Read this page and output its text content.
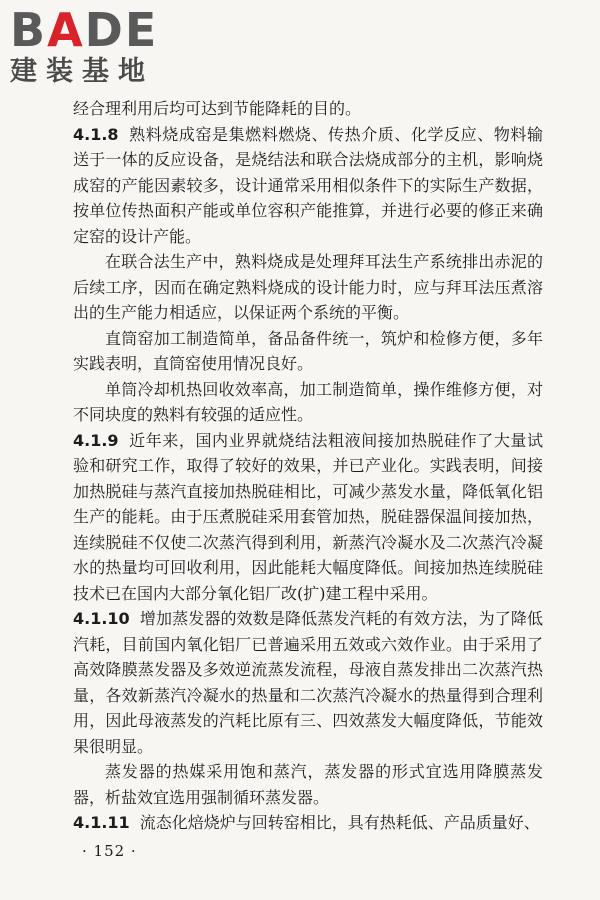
BADE
建装基地

经合理利用后均可达到节能降耗的目的。

4.1.8 熟料烧成窑是集燃料燃烧、传热介质、化学反应、物料输送于一体的反应设备，是烧结法和联合法烧成部分的主机，影响烧成窑的产能因素较多，设计通常采用相似条件下的实际生产数据，按单位传热面积产能或单位容积产能推算，并进行必要的修正来确定窑的设计产能。

在联合法生产中，熟料烧成是处理拜耳法生产系统排出赤泥的后续工序，因而在确定熟料烧成的设计能力时，应与拜耳法压煮溶出的生产能力相适应，以保证两个系统的平衡。

直筒窑加工制造简单，备品备件统一，筑炉和检修方便，多年实践表明，直筒窑使用情况良好。

单筒冷却机热回收效率高，加工制造简单，操作维修方便，对不同块度的熟料有较强的适应性。

4.1.9 近年来，国内业界就烧结法粗液间接加热脱硅作了大量试验和研究工作，取得了较好的效果，并已产业化。实践表明，间接加热脱硅与蒸汽直接加热脱硅相比，可减少蒸发水量，降低氧化铝生产的能耗。由于压煮脱硅采用套管加热，脱硅器保温间接加热，连续脱硅不仅使二次蒸汽得到利用，新蒸汽冷凝水及二次蒸汽冷凝水的热量均可回收利用，因此能耗大幅度降低。间接加热连续脱硅技术已在国内大部分氧化铝厂改(扩)建工程中采用。

4.1.10 增加蒸发器的效数是降低蒸发汽耗的有效方法，为了降低汽耗，目前国内氧化铝厂已普遍采用五效或六效作业。由于采用了高效降膜蒸发器及多效逆流蒸发流程，母液自蒸发排出二次蒸汽热量，各效新蒸汽冷凝水的热量和二次蒸汽冷凝水的热量得到合理利用，因此母液蒸发的汽耗比原有三、四效蒸发大幅度降低，节能效果很明显。

蒸发器的热媒采用饱和蒸汽，蒸发器的形式宜选用降膜蒸发器，析盐效宜选用强制循环蒸发器。

4.1.11 流态化焙烧炉与回转窑相比，具有热耗低、产品质量好、

· 152 ·
